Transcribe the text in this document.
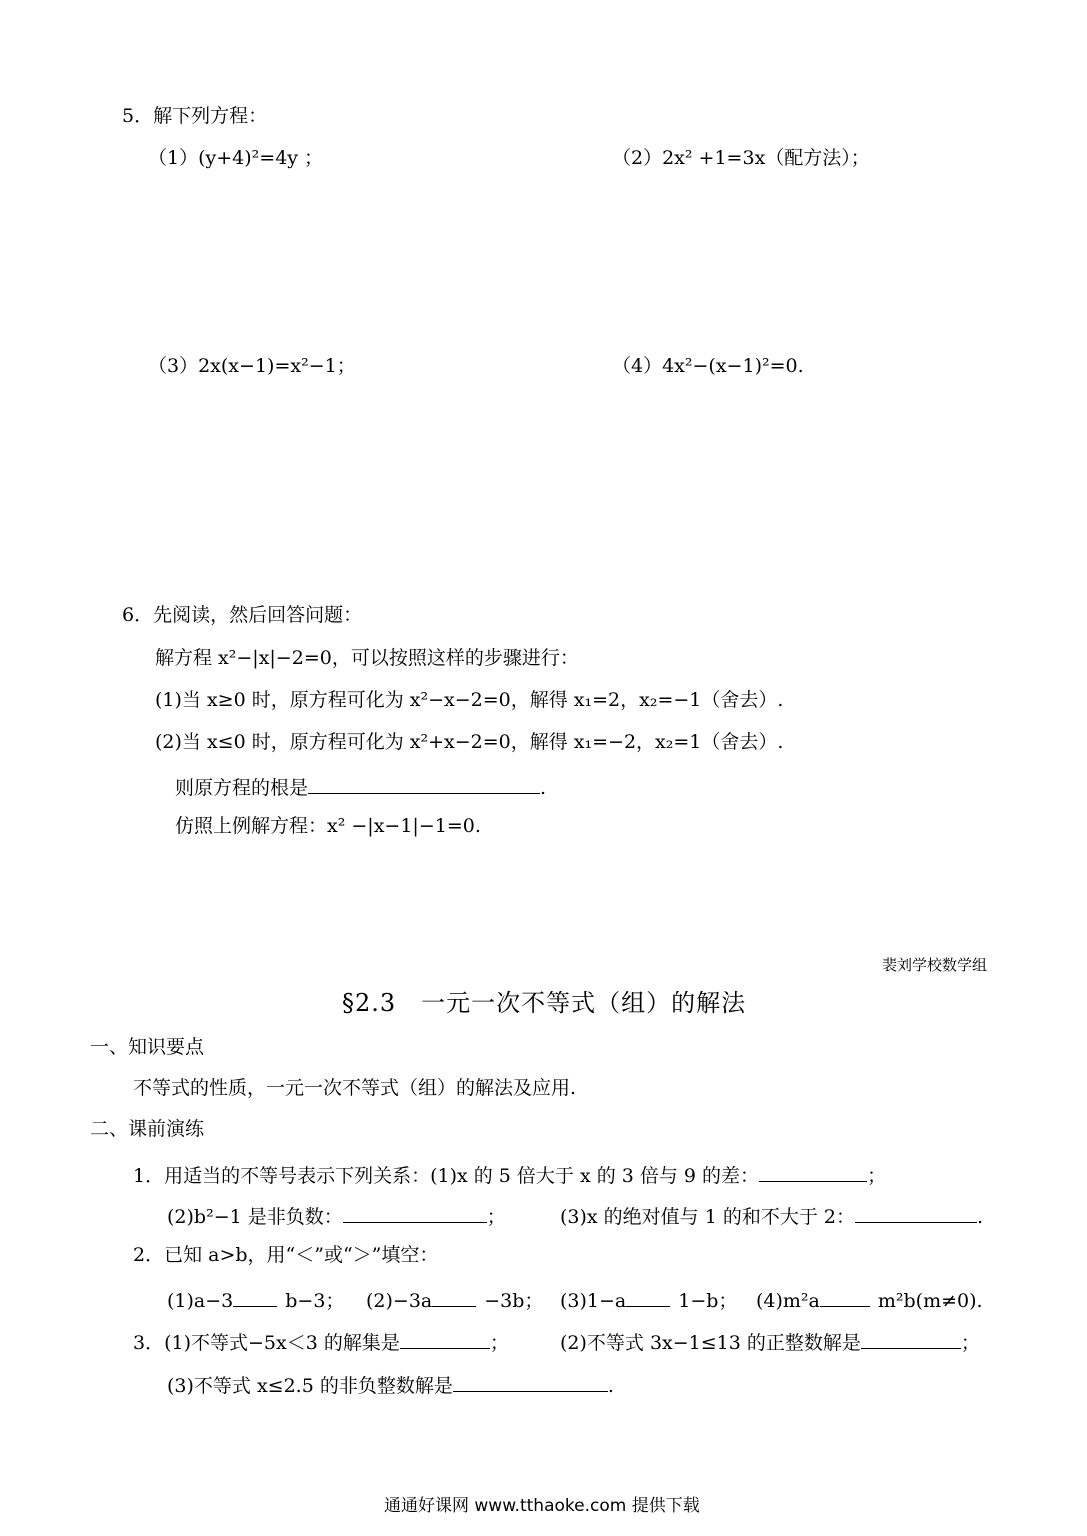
5．解下列方程：
（1）(y+4)²=4y ；	（2）2x² +1=3x（配方法）；
（3）2x(x−1)=x²−1；	（4）4x²−(x−1)²=0.
6．先阅读，然后回答问题：
解方程 x²−|x|−2=0，可以按照这样的步骤进行：
(1)当 x≥0 时，原方程可化为 x²−x−2=0，解得 x₁=2，x₂=−1（舍去）.
(2)当 x≤0 时，原方程可化为 x²+x−2=0，解得 x₁=−2，x₂=1（舍去）.
则原方程的根是	.
仿照上例解方程：x² −|x−1|−1=0.
裴刘学校数学组
§2.3　一元一次不等式（组）的解法
一、知识要点
不等式的性质，一元一次不等式（组）的解法及应用.
二、课前演练
1．用适当的不等号表示下列关系：(1)x 的 5 倍大于 x 的 3 倍与 9 的差：	；
(2)b²−1 是非负数：	；	(3)x 的绝对值与 1 的和不大于 2：	.
2．已知 a>b，用“＜”或“＞”填空：
(1)a−3	b−3； (2)−3a	−3b； (3)1−a	1−b； (4)m²a	m²b(m≠0).
3．(1)不等式−5x＜3 的解集是	；	(2)不等式 3x−1≤13 的正整数解是	；
(3)不等式 x≤2.5 的非负整数解是	.
通通好课网 www.tthaoke.com 提供下载
